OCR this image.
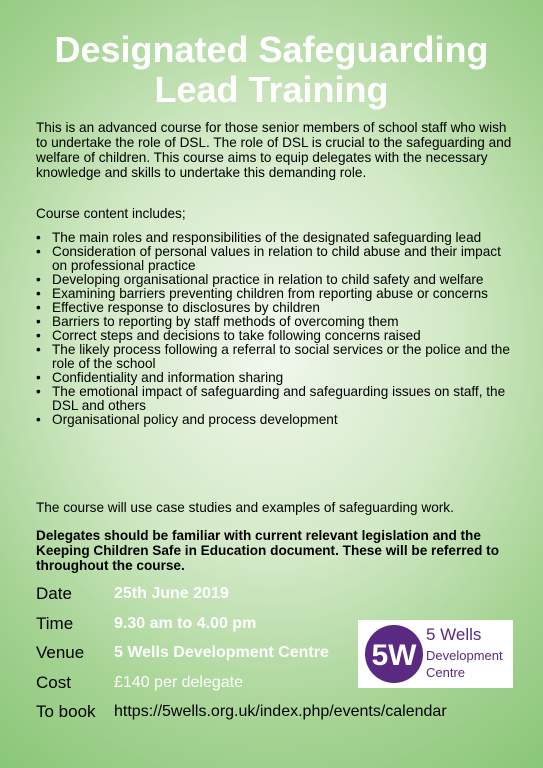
Designated Safeguarding
Lead Training

This is an advanced course for those senior members of school staff who wish to undertake the role of DSL. The role of DSL is crucial to the safeguarding and welfare of children. This course aims to equip delegates with the necessary knowledge and skills to undertake this demanding role.

Course content includes;

• The main roles and responsibilities of the designated safeguarding lead
• Consideration of personal values in relation to child abuse and their impact on professional practice
• Developing organisational practice in relation to child safety and welfare
• Examining barriers preventing children from reporting abuse or concerns
• Effective response to disclosures by children
• Barriers to reporting by staff methods of overcoming them
• Correct steps and decisions to take following concerns raised
• The likely process following a referral to social services or the police and the role of the school
• Confidentiality and information sharing
• The emotional impact of safeguarding and safeguarding issues on staff, the DSL and others
• Organisational policy and process development

The course will use case studies and examples of safeguarding work.

Delegates should be familiar with current relevant legislation and the Keeping Children Safe in Education document. These will be referred to throughout the course.

Date	25th June 2019
Time	9.30 am to 4.00 pm
Venue 5 Wells Development Centre
Cost	£140 per delegate
To book https://5wells.org.uk/index.php/events/calendar
5W
5 Wells
Development
Centre
